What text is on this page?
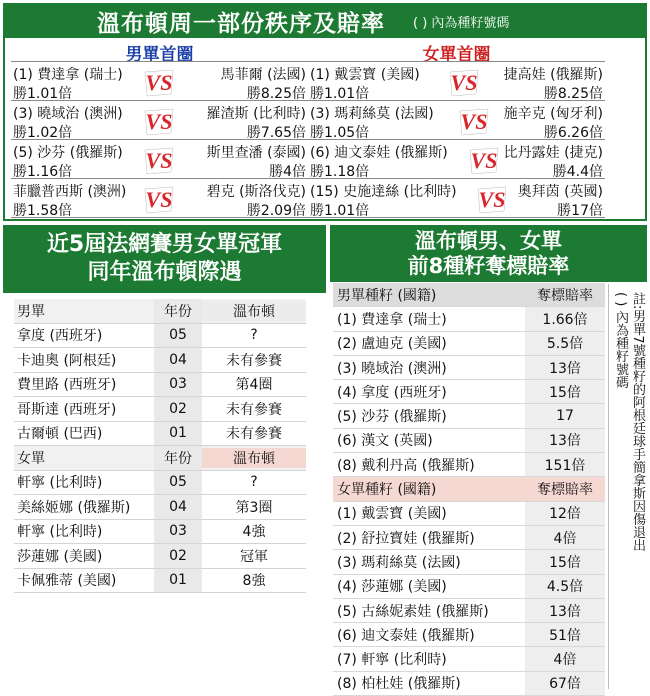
溫布頓周一部份秩序及賠率 ( ) 內為種籽號碼
男單首圈
(1) 費達拿 (瑞士)
勝1.01倍
馬菲爾 (法國)
勝8.25倍
VS
(3) 曉域治 (澳洲)
勝1.02倍
羅渣斯 (比利時)
勝7.65倍
VS
(5) 沙芬 (俄羅斯)
勝1.16倍
斯里查潘 (泰國)
勝4倍
VS
菲臘普西斯 (澳洲)
勝1.58倍
碧克 (斯洛伐克)
勝2.09倍
VS
女單首圈
(1) 戴雲寶 (美國)
勝1.01倍
捷高娃 (俄羅斯)
勝8.25倍
VS
(3) 瑪莉絲莫 (法國)
勝1.05倍
施辛克 (匈牙利)
勝6.26倍
VS
(6) 迪文泰娃 (俄羅斯)
勝1.18倍
比丹露娃 (捷克)
勝4.4倍
VS
(15) 史施達絲 (比利時)
勝1.01倍
奧拜茵 (英國)
勝17倍
VS
近5屆法網賽男女單冠軍
同年溫布頓際遇
男單	年份	溫布頓
拿度 (西班牙)	05	?
卡迪奧 (阿根廷)	04	未有參賽
費里路 (西班牙)	03	第4圈
哥斯達 (西班牙)	02	未有參賽
古爾頓 (巴西)	01	未有參賽
女單	年份	溫布頓
軒寧 (比利時)	05	?
美絲姬娜 (俄羅斯)	04	第3圈
軒寧 (比利時)	03	4強
莎蓮娜 (美國)	02	冠軍
卡佩雅蒂 (美國)	01	8強
溫布頓男、女單
前8種籽奪標賠率
男單種籽 (國籍)	奪標賠率
(1) 費達拿 (瑞士)	1.66倍
(2) 盧迪克 (美國)	5.5倍
(3) 曉域治 (澳洲)	13倍
(4) 拿度 (西班牙)	15倍
(5) 沙芬 (俄羅斯)	17
(6) 漢文 (英國)	13倍
(8) 戴利丹高 (俄羅斯)	151倍
女單種籽 (國籍)	奪標賠率
(1) 戴雲寶 (美國)	12倍
(2) 舒拉寶娃 (俄羅斯)	4倍
(3) 瑪莉絲莫 (法國)	15倍
(4) 莎蓮娜 (美國)	4.5倍
(5) 古絲妮素娃 (俄羅斯)	13倍
(6) 迪文泰娃 (俄羅斯)	51倍
(7) 軒寧 (比利時)	4倍
(8) 柏杜娃 (俄羅斯)	67倍
( ) 內為種籽號碼 註:男單7號種籽的阿根廷球手簡拿斯因傷退出
